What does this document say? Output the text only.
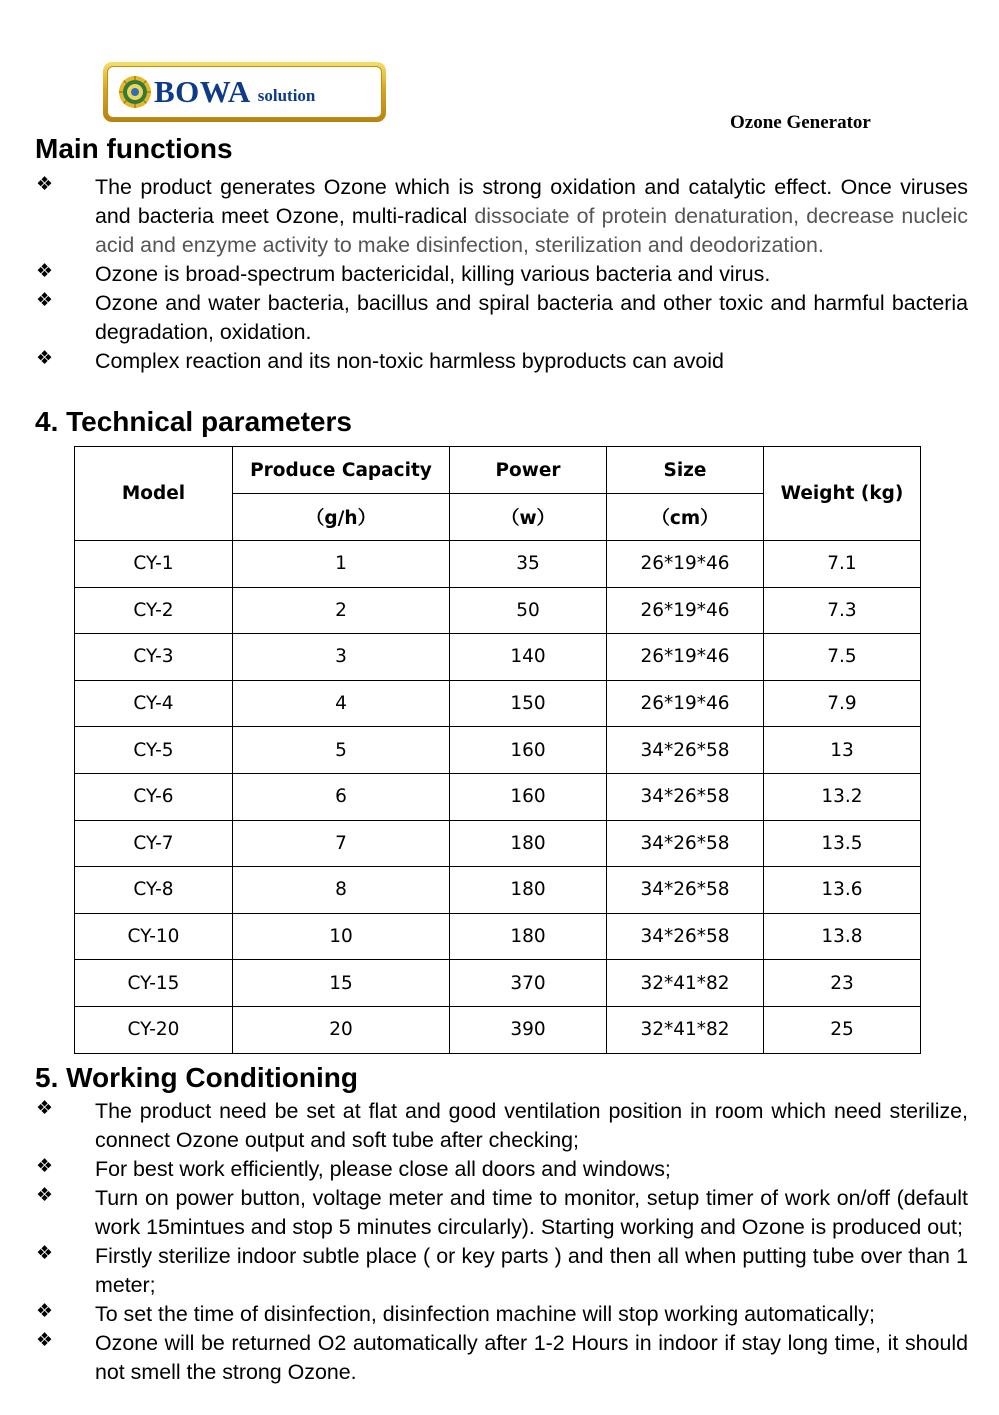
BOWA solution
Ozone Generator
Main functions
❖ The product generates Ozone which is strong oxidation and catalytic effect. Once viruses and bacteria meet Ozone, multi-radical dissociate of protein denaturation, decrease nucleic acid and enzyme activity to make disinfection, sterilization and deodorization.
❖ Ozone is broad-spectrum bactericidal, killing various bacteria and virus.
❖ Ozone and water bacteria, bacillus and spiral bacteria and other toxic and harmful bacteria degradation, oxidation.
❖ Complex reaction and its non-toxic harmless byproducts can avoid
4. Technical parameters
Model	Produce Capacity	Power	Size	Weight (kg)
	（g/h）	（w）	（cm）	
CY-1	1	35	26*19*46	7.1
CY-2	2	50	26*19*46	7.3
CY-3	3	140	26*19*46	7.5
CY-4	4	150	26*19*46	7.9
CY-5	5	160	34*26*58	13
CY-6	6	160	34*26*58	13.2
CY-7	7	180	34*26*58	13.5
CY-8	8	180	34*26*58	13.6
CY-10	10	180	34*26*58	13.8
CY-15	15	370	32*41*82	23
CY-20	20	390	32*41*82	25
5. Working Conditioning
❖ The product need be set at flat and good ventilation position in room which need sterilize, connect Ozone output and soft tube after checking;
❖ For best work efficiently, please close all doors and windows;
❖ Turn on power button, voltage meter and time to monitor, setup timer of work on/off (default work 15mintues and stop 5 minutes circularly). Starting working and Ozone is produced out;
❖ Firstly sterilize indoor subtle place ( or key parts ) and then all when putting tube over than 1 meter;
❖ To set the time of disinfection, disinfection machine will stop working automatically;
❖ Ozone will be returned O2 automatically after 1-2 Hours in indoor if stay long time, it should not smell the strong Ozone.
